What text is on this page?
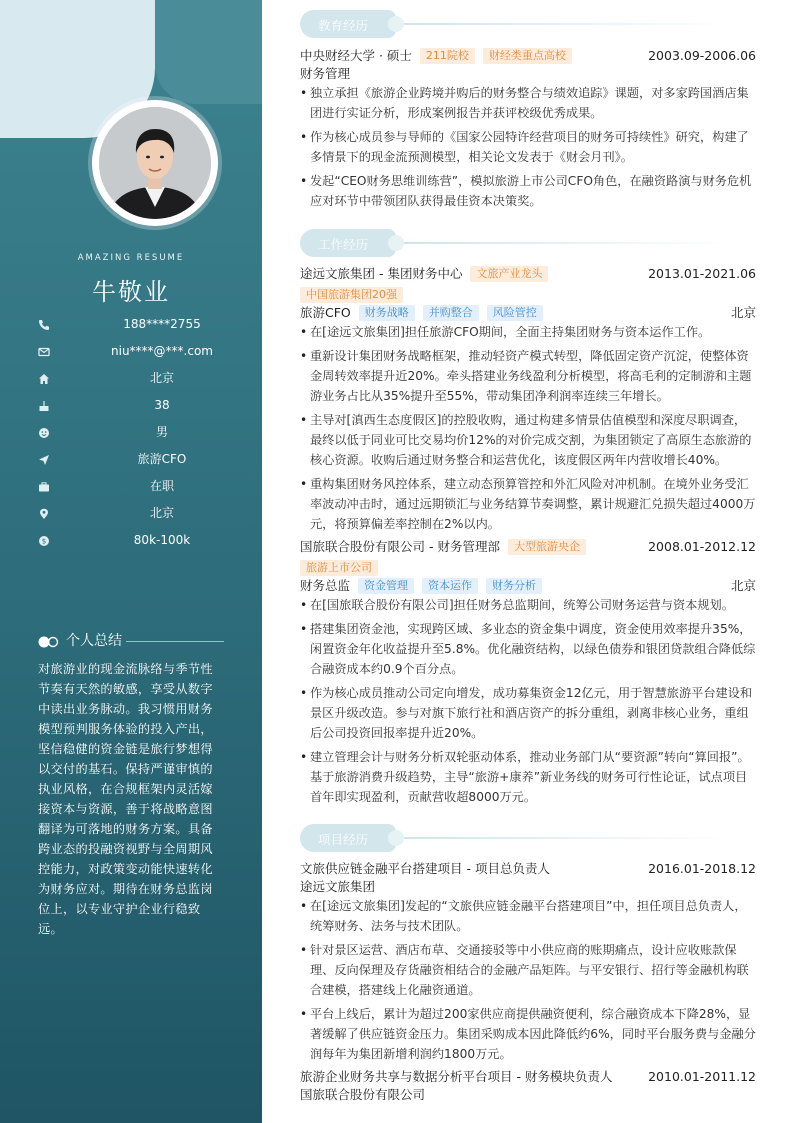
AMAZING RESUME
牛敬业
188****2755
niu****@***.com
北京
38
男
旅游CFO
在职
北京
$	80k-100k
个人总结
对旅游业的现金流脉络与季节性节奏有天然的敏感，享受从数字中读出业务脉动。我习惯用财务模型预判服务体验的投入产出，坚信稳健的资金链是旅行梦想得以交付的基石。保持严谨审慎的执业风格，在合规框架内灵活嫁接资本与资源，善于将战略意图翻译为可落地的财务方案。具备跨业态的投融资视野与全周期风控能力，对政策变动能快速转化为财务应对。期待在财务总监岗位上，以专业守护企业行稳致远。
教育经历
中央财经大学 · 硕士 211院校 财经类重点高校	2003.09-2006.06
财务管理
• 独立承担《旅游企业跨境并购后的财务整合与绩效追踪》课题，对多家跨国酒店集团进行实证分析，形成案例报告并获评校级优秀成果。
• 作为核心成员参与导师的《国家公园特许经营项目的财务可持续性》研究，构建了多情景下的现金流预测模型，相关论文发表于《财会月刊》。
• 发起“CEO财务思维训练营”，模拟旅游上市公司CFO角色，在融资路演与财务危机应对环节中带领团队获得最佳资本决策奖。
工作经历
途远文旅集团 - 集团财务中心 文旅产业龙头	2013.01-2021.06
中国旅游集团20强
旅游CFO 财务战略 并购整合 风险管控	北京
• 在[途远文旅集团]担任旅游CFO期间，全面主持集团财务与资本运作工作。
• 重新设计集团财务战略框架，推动轻资产模式转型，降低固定资产沉淀，使整体资金周转效率提升近20%。牵头搭建业务线盈利分析模型，将高毛利的定制游和主题游业务占比从35%提升至55%，带动集团净利润率连续三年增长。
• 主导对[滇西生态度假区]的控股收购，通过构建多情景估值模型和深度尽职调查，最终以低于同业可比交易均价12%的对价完成交割，为集团锁定了高原生态旅游的核心资源。收购后通过财务整合和运营优化，该度假区两年内营收增长40%。
• 重构集团财务风控体系，建立动态预算管控和外汇风险对冲机制。在境外业务受汇率波动冲击时，通过远期锁汇与业务结算节奏调整，累计规避汇兑损失超过4000万元，将预算偏差率控制在2%以内。
国旅联合股份有限公司 - 财务管理部 大型旅游央企	2008.01-2012.12
旅游上市公司
财务总监 资金管理 资本运作 财务分析	北京
• 在[国旅联合股份有限公司]担任财务总监期间，统筹公司财务运营与资本规划。
• 搭建集团资金池，实现跨区域、多业态的资金集中调度，资金使用效率提升35%，闲置资金年化收益提升至5.8%。优化融资结构，以绿色债券和银团贷款组合降低综合融资成本约0.9个百分点。
• 作为核心成员推动公司定向增发，成功募集资金12亿元，用于智慧旅游平台建设和景区升级改造。参与对旗下旅行社和酒店资产的拆分重组，剥离非核心业务，重组后公司投资回报率提升近20%。
• 建立管理会计与财务分析双轮驱动体系，推动业务部门从“要资源”转向“算回报”。基于旅游消费升级趋势，主导“旅游+康养”新业务线的财务可行性论证，试点项目首年即实现盈利，贡献营收超8000万元。
项目经历
文旅供应链金融平台搭建项目 - 项目总负责人	2016.01-2018.12
途远文旅集团
• 在[途远文旅集团]发起的“文旅供应链金融平台搭建项目”中，担任项目总负责人，统筹财务、法务与技术团队。
• 针对景区运营、酒店布草、交通接驳等中小供应商的账期痛点，设计应收账款保理、反向保理及存货融资相结合的金融产品矩阵。与平安银行、招行等金融机构联合建模，搭建线上化融资通道。
• 平台上线后，累计为超过200家供应商提供融资便利，综合融资成本下降28%，显著缓解了供应链资金压力。集团采购成本因此降低约6%，同时平台服务费与金融分润每年为集团新增利润约1800万元。
旅游企业财务共享与数据分析平台项目 - 财务模块负责人	2010.01-2011.12
国旅联合股份有限公司
